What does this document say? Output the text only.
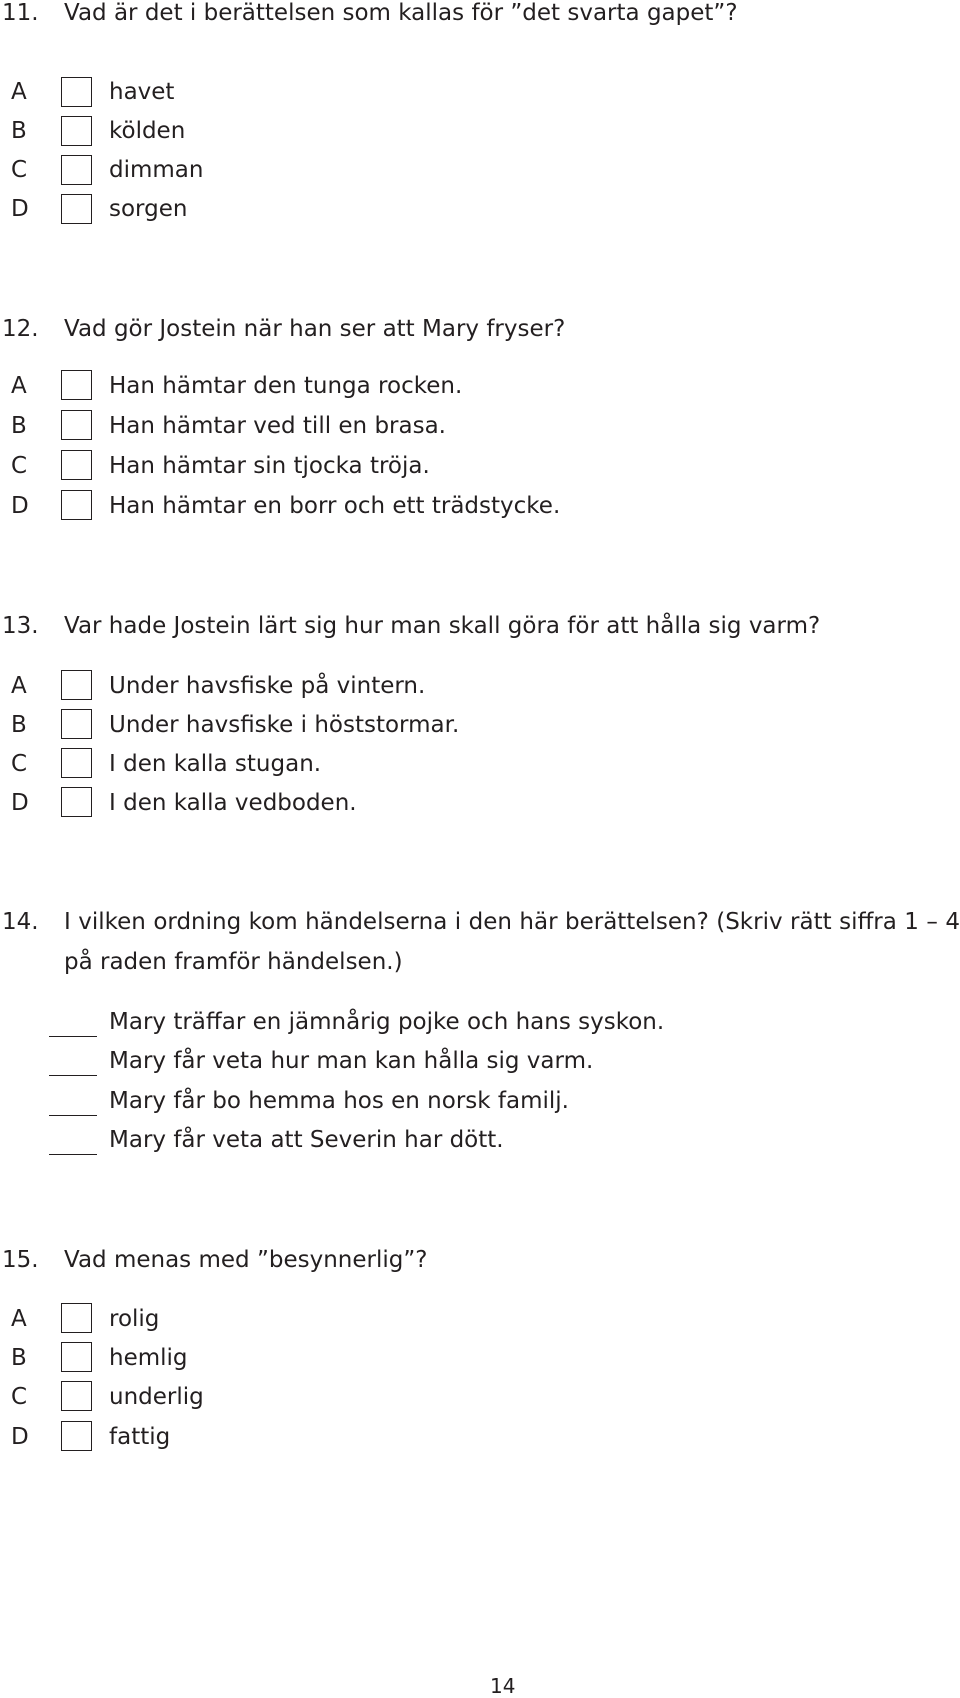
11. Vad är det i berättelsen som kallas för ”det svarta gapet”?
A	havet
B	kölden
C	dimman
D	sorgen
12. Vad gör Jostein när han ser att Mary fryser?
A	Han hämtar den tunga rocken.
B	Han hämtar ved till en brasa.
C	Han hämtar sin tjocka tröja.
D	Han hämtar en borr och ett trädstycke.
13. Var hade Jostein lärt sig hur man skall göra för att hålla sig varm?
A	Under havsfiske på vintern.
B	Under havsfiske i höststormar.
C	I den kalla stugan.
D	I den kalla vedboden.
14. I vilken ordning kom händelserna i den här berättelsen? (Skriv rätt siffra 1 – 4 på raden framför händelsen.)
Mary träffar en jämnårig pojke och hans syskon.
Mary får veta hur man kan hålla sig varm.
Mary får bo hemma hos en norsk familj.
Mary får veta att Severin har dött.
15. Vad menas med ”besynnerlig”?
A	rolig
B	hemlig
C	underlig
D	fattig
14
